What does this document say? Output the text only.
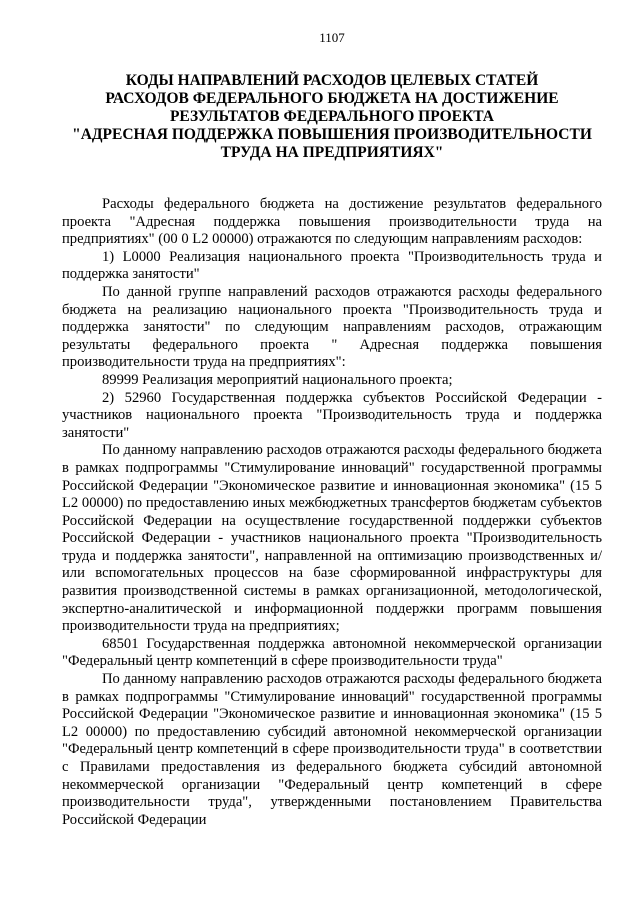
1107
КОДЫ НАПРАВЛЕНИЙ РАСХОДОВ ЦЕЛЕВЫХ СТАТЕЙ
РАСХОДОВ ФЕДЕРАЛЬНОГО БЮДЖЕТА НА ДОСТИЖЕНИЕ
РЕЗУЛЬТАТОВ ФЕДЕРАЛЬНОГО ПРОЕКТА
"АДРЕСНАЯ ПОДДЕРЖКА ПОВЫШЕНИЯ ПРОИЗВОДИТЕЛЬНОСТИ
ТРУДА НА ПРЕДПРИЯТИЯХ"

Расходы федерального бюджета на достижение результатов федерального проекта "Адресная поддержка повышения производительности труда на предприятиях" (00 0 L2 00000) отражаются по следующим направлениям расходов:

1) L0000 Реализация национального проекта "Производительность труда и поддержка занятости"

По данной группе направлений расходов отражаются расходы федерального бюджета на реализацию национального проекта "Производительность труда и поддержка занятости" по следующим направлениям расходов, отражающим результаты федерального проекта " Адресная поддержка повышения производительности труда на предприятиях":

89999 Реализация мероприятий национального проекта;

2) 52960 Государственная поддержка субъектов Российской Федерации - участников национального проекта "Производительность труда и поддержка занятости"

По данному направлению расходов отражаются расходы федерального бюджета в рамках подпрограммы "Стимулирование инноваций" государственной программы Российской Федерации "Экономическое развитие и инновационная экономика" (15 5 L2 00000) по предоставлению иных межбюджетных трансфертов бюджетам субъектов Российской Федерации на осуществление государственной поддержки субъектов Российской Федерации - участников национального проекта "Производительность труда и поддержка занятости", направленной на оптимизацию производственных и/или вспомогательных процессов на базе сформированной инфраструктуры для развития производственной системы в рамках организационной, методологической, экспертно-аналитической и информационной поддержки программ повышения производительности труда на предприятиях;

68501 Государственная поддержка автономной некоммерческой организации "Федеральный центр компетенций в сфере производительности труда"

По данному направлению расходов отражаются расходы федерального бюджета в рамках подпрограммы "Стимулирование инноваций" государственной программы Российской Федерации "Экономическое развитие и инновационная экономика" (15 5 L2 00000) по предоставлению субсидий автономной некоммерческой организации "Федеральный центр компетенций в сфере производительности труда" в соответствии с Правилами предоставления из федерального бюджета субсидий автономной некоммерческой организации "Федеральный центр компетенций в сфере производительности труда", утвержденными постановлением Правительства Российской Федерации
